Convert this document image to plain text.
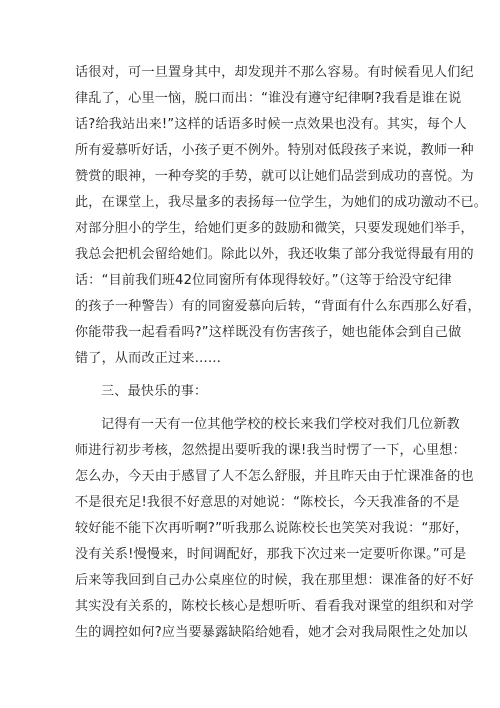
话很对，可一旦置身其中，却发现并不那么容易。有时候看见人们纪
律乱了，心里一恼，脱口而出：“谁没有遵守纪律啊?我看是谁在说
话?给我站出来!”这样的话语多时候一点效果也没有。其实，每个人
所有爱慕听好话，小孩子更不例外。特别对低段孩子来说，教师一种
赞赏的眼神，一种夸奖的手势，就可以让她们品尝到成功的喜悦。为
此，在课堂上，我尽量多的表扬每一位学生，为她们的成功激动不已。
对部分胆小的学生，给她们更多的鼓励和微笑，只要发现她们举手，
我总会把机会留给她们。除此以外，我还收集了部分我觉得最有用的
话：“目前我们班42位同窗所有体现得较好。”（这等于给没守纪律
的孩子一种警告）有的同窗爱慕向后转，“背面有什么东西那么好看，
你能带我一起看看吗?”这样既没有伤害孩子，她也能体会到自己做
错了，从而改正过来……
三、最快乐的事：
记得有一天有一位其他学校的校长来我们学校对我们几位新教
师进行初步考核，忽然提出要听我的课!我当时愣了一下，心里想：
怎么办，今天由于感冒了人不怎么舒服，并且昨天由于忙课准备的也
不是很充足!我很不好意思的对她说：“陈校长，今天我准备的不是
较好能不能下次再听啊?”听我那么说陈校长也笑笑对我说：“那好，
没有关系!慢慢来，时间调配好，那我下次过来一定要听你课。”可是
后来等我回到自己办公桌座位的时候，我在那里想：课准备的好不好
其实没有关系的，陈校长核心是想听听、看看我对课堂的组织和对学
生的调控如何?应当要暴露缺陷给她看，她才会对我局限性之处加以
